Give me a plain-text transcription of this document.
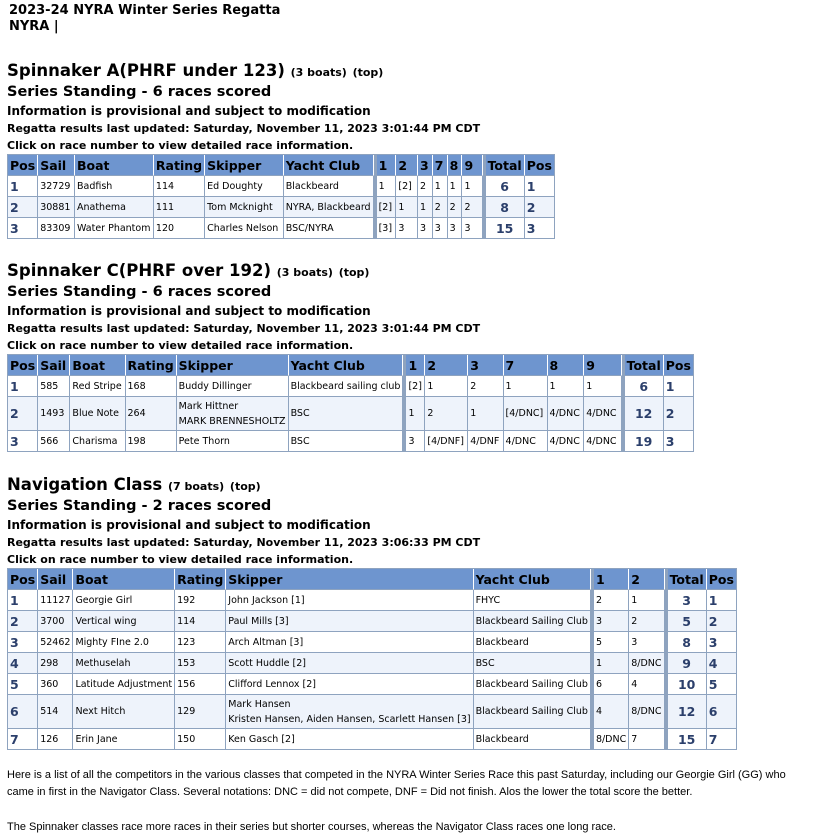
2023-24 NYRA Winter Series Regatta
NYRA |
Spinnaker A(PHRF under 123) (3 boats) (top)
Series Standing - 6 races scored
Information is provisional and subject to modification
Regatta results last updated: Saturday, November 11, 2023 3:01:44 PM CDT
Click on race number to view detailed race information.
Pos	Sail	Boat	Rating	Skipper	Yacht Club	1	2	3	7	8	9	Total	Pos
1	32729	Badfish	114	Ed Doughty	Blackbeard	1	[2]	2	1	1	1	6	1
2	30881	Anathema	111	Tom Mcknight	NYRA, Blackbeard	[2]	1	1	2	2	2	8	2
3	83309	Water Phantom	120	Charles Nelson	BSC/NYRA	[3]	3	3	3	3	3	15	3
Spinnaker C(PHRF over 192) (3 boats) (top)
Series Standing - 6 races scored
Information is provisional and subject to modification
Regatta results last updated: Saturday, November 11, 2023 3:01:44 PM CDT
Click on race number to view detailed race information.
Pos	Sail	Boat	Rating	Skipper	Yacht Club	1	2	3	7	8	9	Total	Pos
1	585	Red Stripe	168	Buddy Dillinger	Blackbeard sailing club	[2]	1	2	1	1	1	6	1
2	1493	Blue Note	264	Mark Hittner
MARK BRENNESHOLTZ	BSC	1	2	1	[4/DNC]	4/DNC	4/DNC	12	2
3	566	Charisma	198	Pete Thorn	BSC	3	[4/DNF]	4/DNF	4/DNC	4/DNC	4/DNC	19	3
Navigation Class (7 boats) (top)
Series Standing - 2 races scored
Information is provisional and subject to modification
Regatta results last updated: Saturday, November 11, 2023 3:06:33 PM CDT
Click on race number to view detailed race information.
Pos	Sail	Boat	Rating	Skipper	Yacht Club	1	2	Total	Pos
1	11127	Georgie Girl	192	John Jackson [1]	FHYC	2	1	3	1
2	3700	Vertical wing	114	Paul Mills [3]	Blackbeard Sailing Club	3	2	5	2
3	52462	Mighty FIne 2.0	123	Arch Altman [3]	Blackbeard	5	3	8	3
4	298	Methuselah	153	Scott Huddle [2]	BSC	1	8/DNC	9	4
5	360	Latitude Adjustment	156	Clifford Lennox [2]	Blackbeard Sailing Club	6	4	10	5
6	514	Next Hitch	129	Mark Hansen
Kristen Hansen, Aiden Hansen, Scarlett Hansen [3]	Blackbeard Sailing Club	4	8/DNC	12	6
7	126	Erin Jane	150	Ken Gasch [2]	Blackbeard	8/DNC	7	15	7
Here is a list of all the competitors in the various classes that competed in the NYRA Winter Series Race this past Saturday, including our Georgie Girl (GG) who came in first in the Navigator Class. Several notations: DNC = did not compete, DNF = Did not finish. Alos the lower the total score the better.
The Spinnaker classes race more races in their series but shorter courses, whereas the Navigator Class races one long race.
